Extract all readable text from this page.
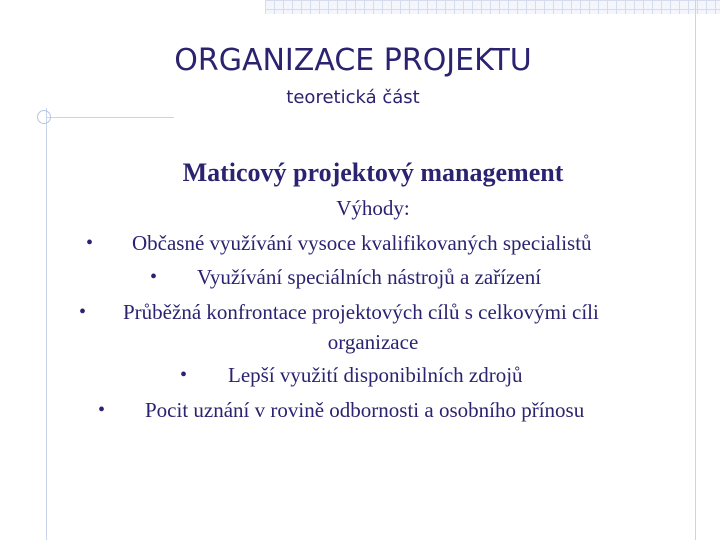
ORGANIZACE PROJEKTU
teoretická část
Maticový projektový management
Výhody:
• Občasné využívání vysoce kvalifikovaných specialistů
• Využívání speciálních nástrojů a zařízení
• Průběžná konfrontace projektových cílů s celkovými cíli
organizace
• Lepší využití disponibilních zdrojů
• Pocit uznání v rovině odbornosti a osobního přínosu
